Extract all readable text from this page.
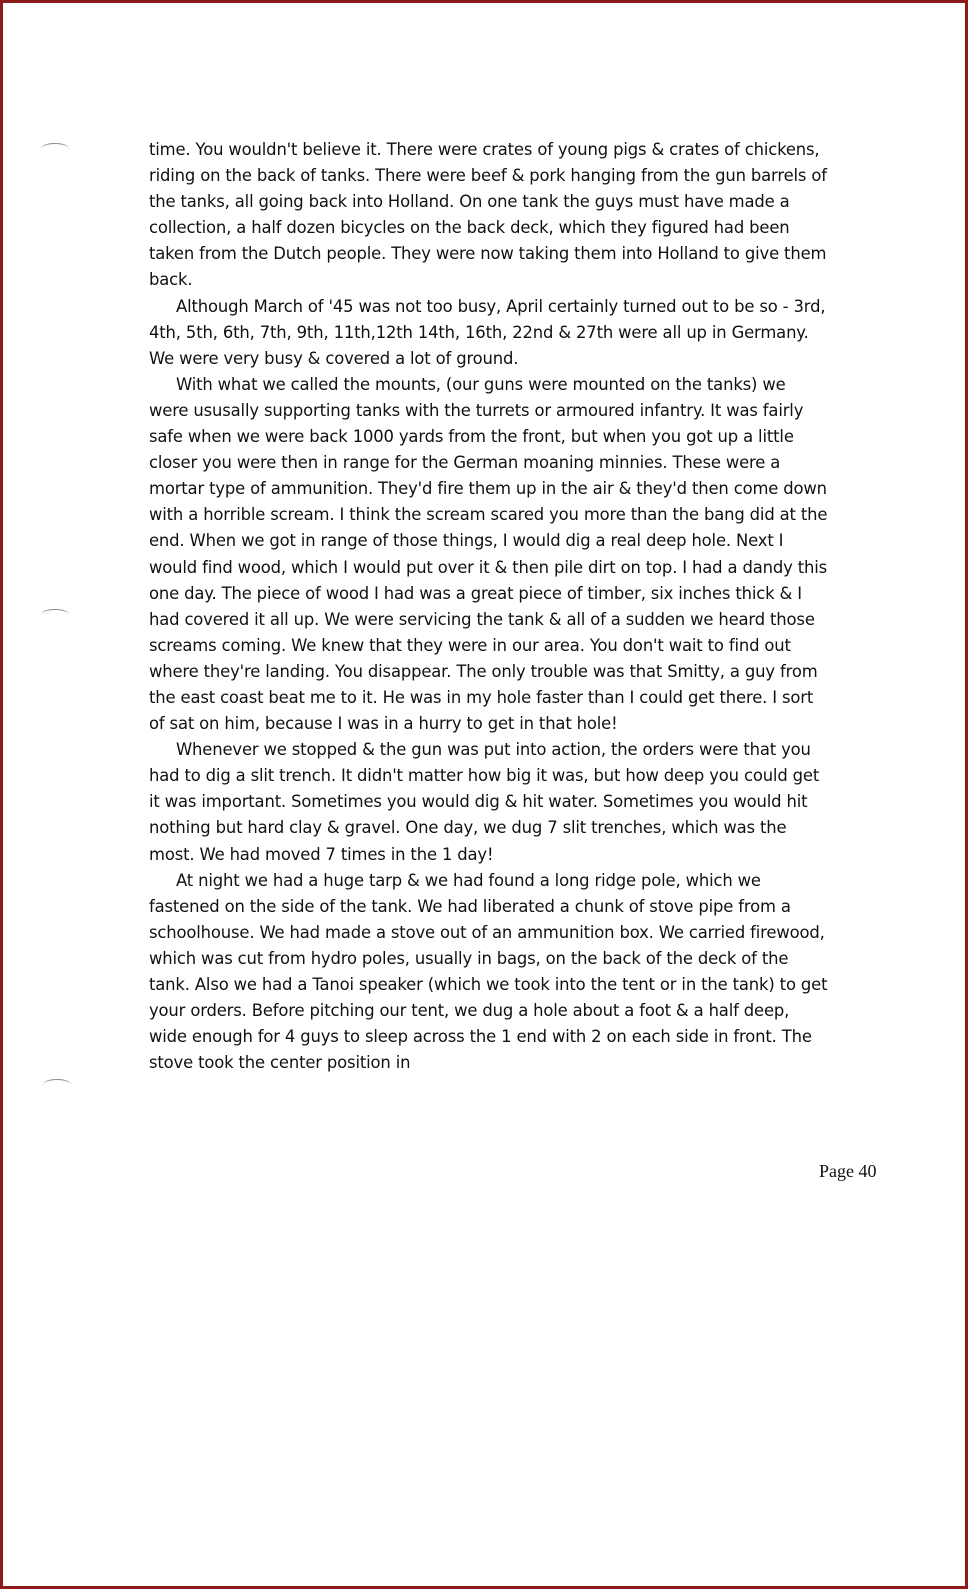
time. You wouldn't believe it. There were crates of young pigs & crates of chickens, riding on the back of tanks. There were beef & pork hanging from the gun barrels of the tanks, all going back into Holland. On one tank the guys must have made a collection, a half dozen bicycles on the back deck, which they figured had been taken from the Dutch people. They were now taking them into Holland to give them back.

Although March of '45 was not too busy, April certainly turned out to be so - 3rd, 4th, 5th, 6th, 7th, 9th, 11th,12th 14th, 16th, 22nd & 27th were all up in Germany. We were very busy & covered a lot of ground.

With what we called the mounts, (our guns were mounted on the tanks) we were ususally supporting tanks with the turrets or armoured infantry. It was fairly safe when we were back 1000 yards from the front, but when you got up a little closer you were then in range for the German moaning minnies. These were a mortar type of ammunition. They'd fire them up in the air & they'd then come down with a horrible scream. I think the scream scared you more than the bang did at the end. When we got in range of those things, I would dig a real deep hole. Next I would find wood, which I would put over it & then pile dirt on top. I had a dandy this one day. The piece of wood I had was a great piece of timber, six inches thick & I had covered it all up. We were servicing the tank & all of a sudden we heard those screams coming. We knew that they were in our area. You don't wait to find out where they're landing. You disappear. The only trouble was that Smitty, a guy from the east coast beat me to it. He was in my hole faster than I could get there. I sort of sat on him, because I was in a hurry to get in that hole!

Whenever we stopped & the gun was put into action, the orders were that you had to dig a slit trench. It didn't matter how big it was, but how deep you could get it was important. Sometimes you would dig & hit water. Sometimes you would hit nothing but hard clay & gravel. One day, we dug 7 slit trenches, which was the most. We had moved 7 times in the 1 day!

At night we had a huge tarp & we had found a long ridge pole, which we fastened on the side of the tank. We had liberated a chunk of stove pipe from a schoolhouse. We had made a stove out of an ammunition box. We carried firewood, which was cut from hydro poles, usually in bags, on the back of the deck of the tank. Also we had a Tanoi speaker (which we took into the tent or in the tank) to get your orders. Before pitching our tent, we dug a hole about a foot & a half deep, wide enough for 4 guys to sleep across the 1 end with 2 on each side in front. The stove took the center position in

Page 40
